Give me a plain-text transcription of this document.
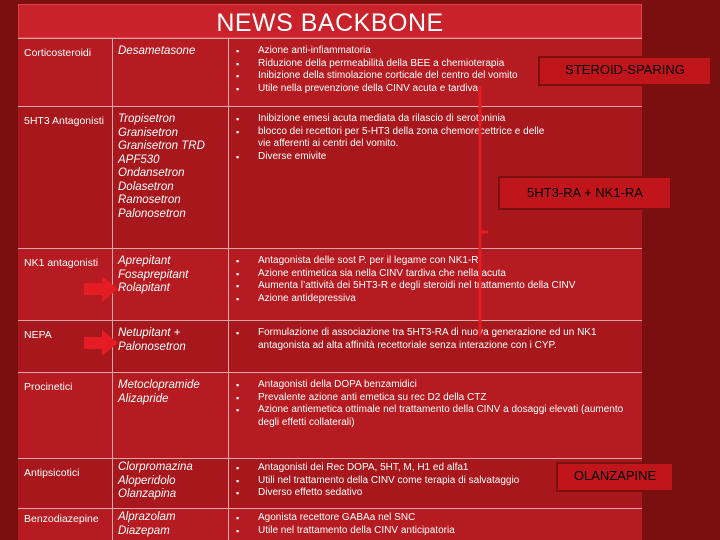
NEWS BACKBONE
Corticosteroidi	Desametasone
▪	Azione anti-infiammatoria
▪ Riduzione della permeabilità della BEE a chemioterapia
▪ Inibizione della stimolazione corticale del centro del vomito
▪ Utile nella prevenzione della CINV acuta e tardiva
5HT3 Antagonisti	Tropisetron
Granisetron
Granisetron TRD
APF530
Ondansetron
Dolasetron
Ramosetron
Palonosetron
▪ Inibizione emesi acuta mediata da rilascio di serotoninia
▪ blocco dei recettori per 5-HT3 della zona chemorecettrice e delle vie afferenti ai centri del vomito.
▪ Diverse emivite
NK1 antagonisti	Aprepitant
Fosaprepitant
Rolapitant
▪ Antagonista delle sost P. per il legame con NK1-R
▪ Azione entimetica sia nella CINV tardiva che nella acuta
▪ Aumenta l’attività dei 5HT3-R e degli steroidi nel trattamento della CINV
▪ Azione antidepressiva
NEPA	Netupitant + Palonosetron
▪ Formulazione di associazione tra 5HT3-RA di nuova generazione ed un NK1 antagonista ad alta affinità recettoriale senza interazione con i CYP.
Procinetici	Metoclopramide
Alizapride
▪ Antagonisti della DOPA benzamidici
▪ Prevalente azione anti emetica su rec D2 della CTZ
▪ Azione antiemetica ottimale nel trattamento della CINV a dosaggi elevati (aumento degli effetti collaterali)
Antipsicotici	Clorpromazina
Aloperidolo
Olanzapina
▪ Antagonisti dei Rec DOPA, 5HT, M, H1 ed alfa1
▪ Utili nel trattamento della CINV come terapia di salvataggio
▪ Diverso effetto sedativo
Benzodiazepine	Alprazolam
Diazepam
▪ Agonista recettore GABAa nel SNC
▪ Utile nel trattamento della CINV anticipatoria
STEROID-SPARING
5HT3-RA + NK1-RA
OLANZAPINE
